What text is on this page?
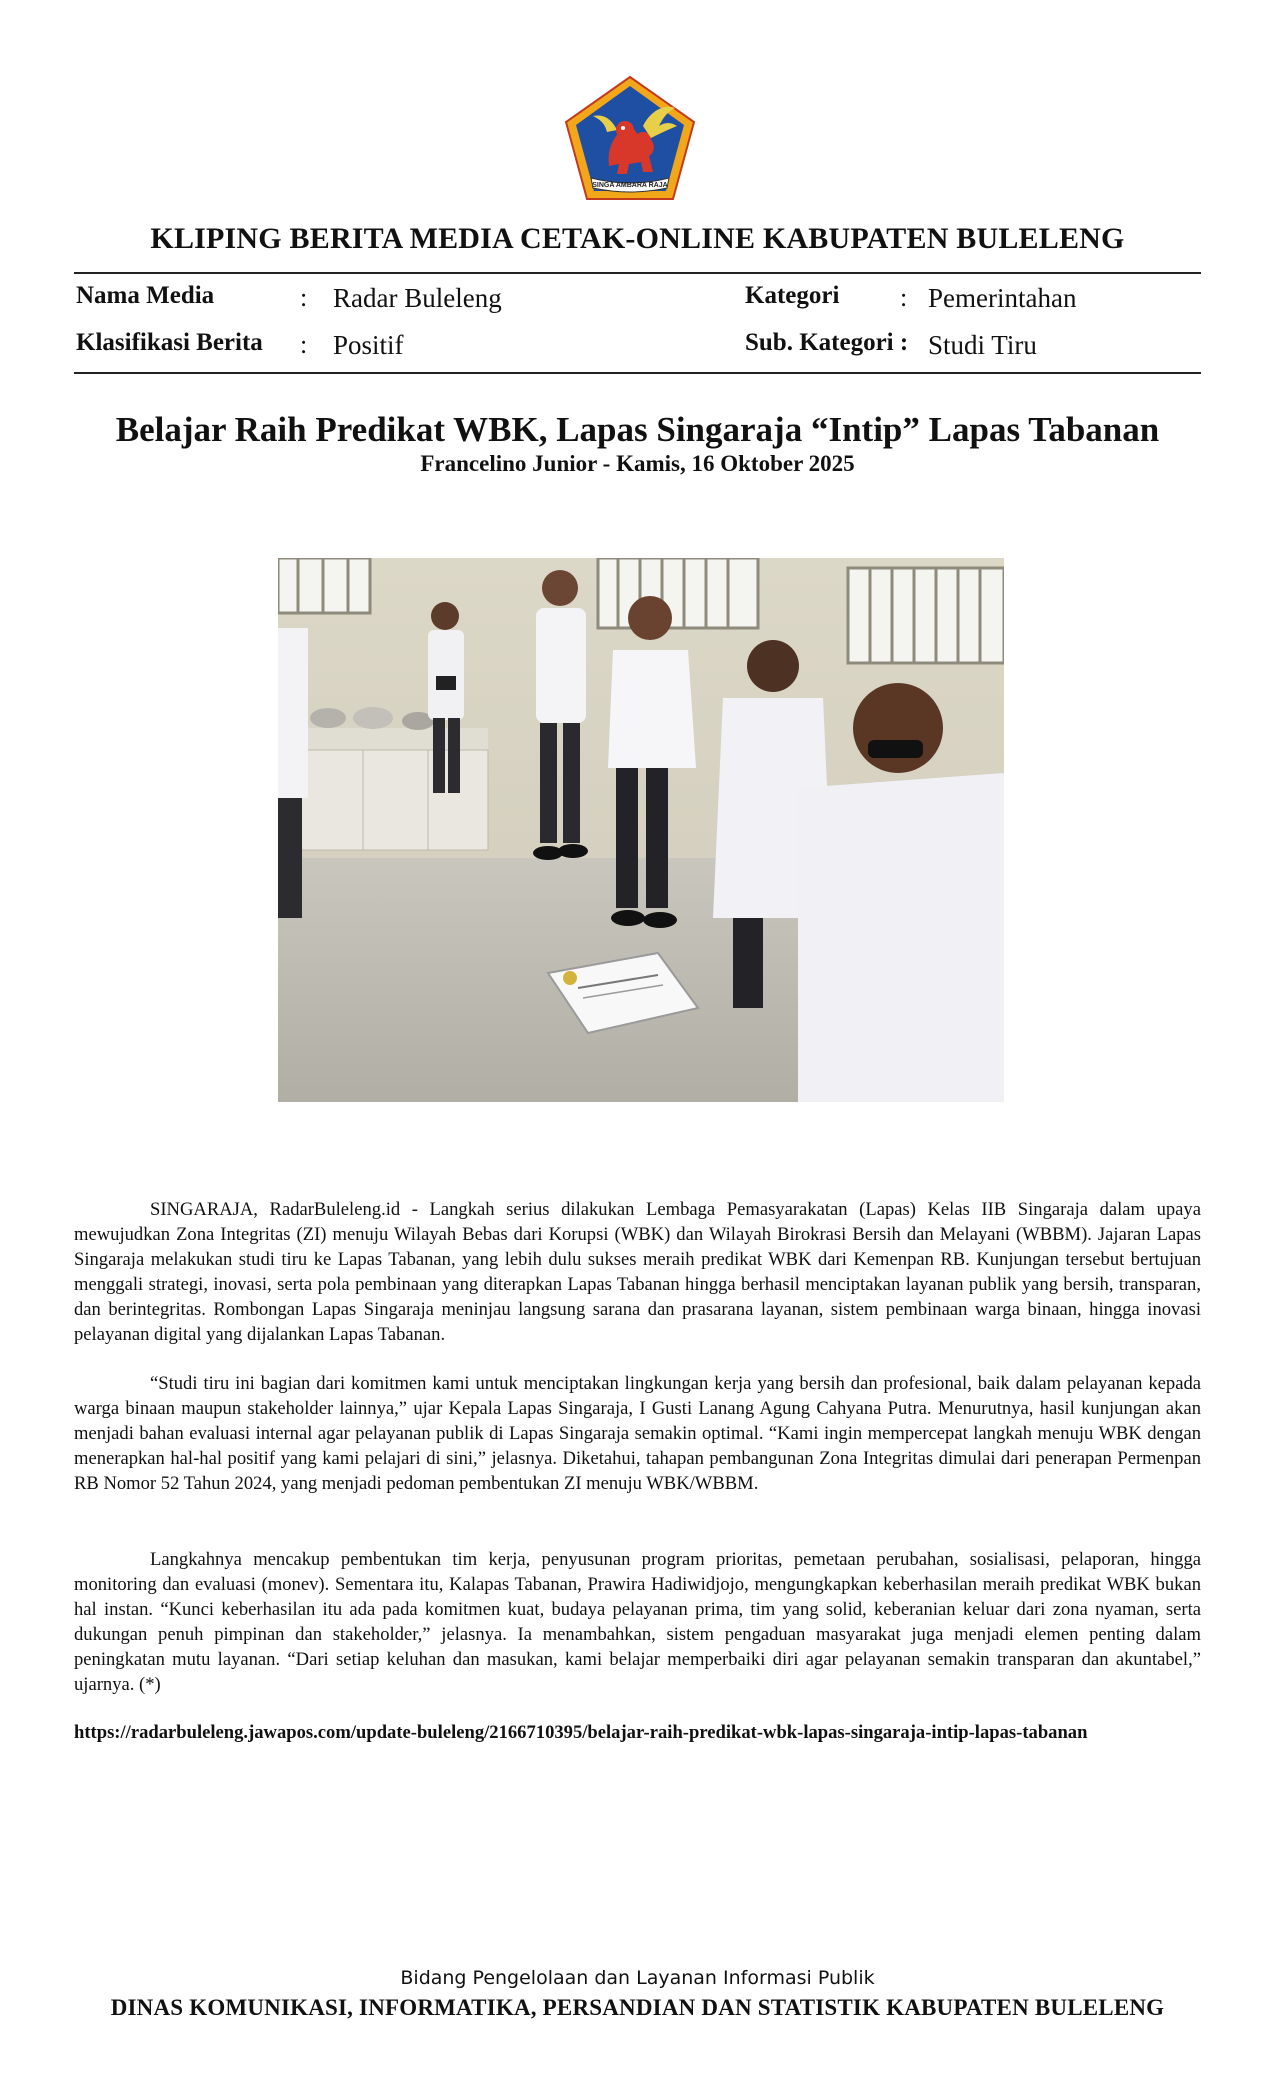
SINGA AMBARA RAJA
KLIPING BERITA MEDIA CETAK-ONLINE KABUPATEN BULELENG
Nama Media	: Radar Buleleng
Klasifikasi Berita : Positif
Kategori : Pemerintahan
Sub. Kategori : Studi Tiru
Belajar Raih Predikat WBK, Lapas Singaraja “Intip” Lapas Tabanan
Francelino Junior - Kamis, 16 Oktober 2025

SINGARAJA, RadarBuleleng.id - Langkah serius dilakukan Lembaga Pemasyarakatan (Lapas) Kelas IIB Singaraja dalam upaya mewujudkan Zona Integritas (ZI) menuju Wilayah Bebas dari Korupsi (WBK) dan Wilayah Birokrasi Bersih dan Melayani (WBBM). Jajaran Lapas Singaraja melakukan studi tiru ke Lapas Tabanan, yang lebih dulu sukses meraih predikat WBK dari Kemenpan RB. Kunjungan tersebut bertujuan menggali strategi, inovasi, serta pola pembinaan yang diterapkan Lapas Tabanan hingga berhasil menciptakan layanan publik yang bersih, transparan, dan berintegritas. Rombongan Lapas Singaraja meninjau langsung sarana dan prasarana layanan, sistem pembinaan warga binaan, hingga inovasi pelayanan digital yang dijalankan Lapas Tabanan.

“Studi tiru ini bagian dari komitmen kami untuk menciptakan lingkungan kerja yang bersih dan profesional, baik dalam pelayanan kepada warga binaan maupun stakeholder lainnya,” ujar Kepala Lapas Singaraja, I Gusti Lanang Agung Cahyana Putra. Menurutnya, hasil kunjungan akan menjadi bahan evaluasi internal agar pelayanan publik di Lapas Singaraja semakin optimal. “Kami ingin mempercepat langkah menuju WBK dengan menerapkan hal-hal positif yang kami pelajari di sini,” jelasnya. Diketahui, tahapan pembangunan Zona Integritas dimulai dari penerapan Permenpan RB Nomor 52 Tahun 2024, yang menjadi pedoman pembentukan ZI menuju WBK/WBBM.

Langkahnya mencakup pembentukan tim kerja, penyusunan program prioritas, pemetaan perubahan, sosialisasi, pelaporan, hingga monitoring dan evaluasi (monev). Sementara itu, Kalapas Tabanan, Prawira Hadiwidjojo, mengungkapkan keberhasilan meraih predikat WBK bukan hal instan. “Kunci keberhasilan itu ada pada komitmen kuat, budaya pelayanan prima, tim yang solid, keberanian keluar dari zona nyaman, serta dukungan penuh pimpinan dan stakeholder,” jelasnya. Ia menambahkan, sistem pengaduan masyarakat juga menjadi elemen penting dalam peningkatan mutu layanan. “Dari setiap keluhan dan masukan, kami belajar memperbaiki diri agar pelayanan semakin transparan dan akuntabel,” ujarnya. (*)

https://radarbuleleng.jawapos.com/update-buleleng/2166710395/belajar-raih-predikat-wbk-lapas-singaraja-intip-lapas-tabanan
Bidang Pengelolaan dan Layanan Informasi Publik
DINAS KOMUNIKASI, INFORMATIKA, PERSANDIAN DAN STATISTIK KABUPATEN BULELENG
